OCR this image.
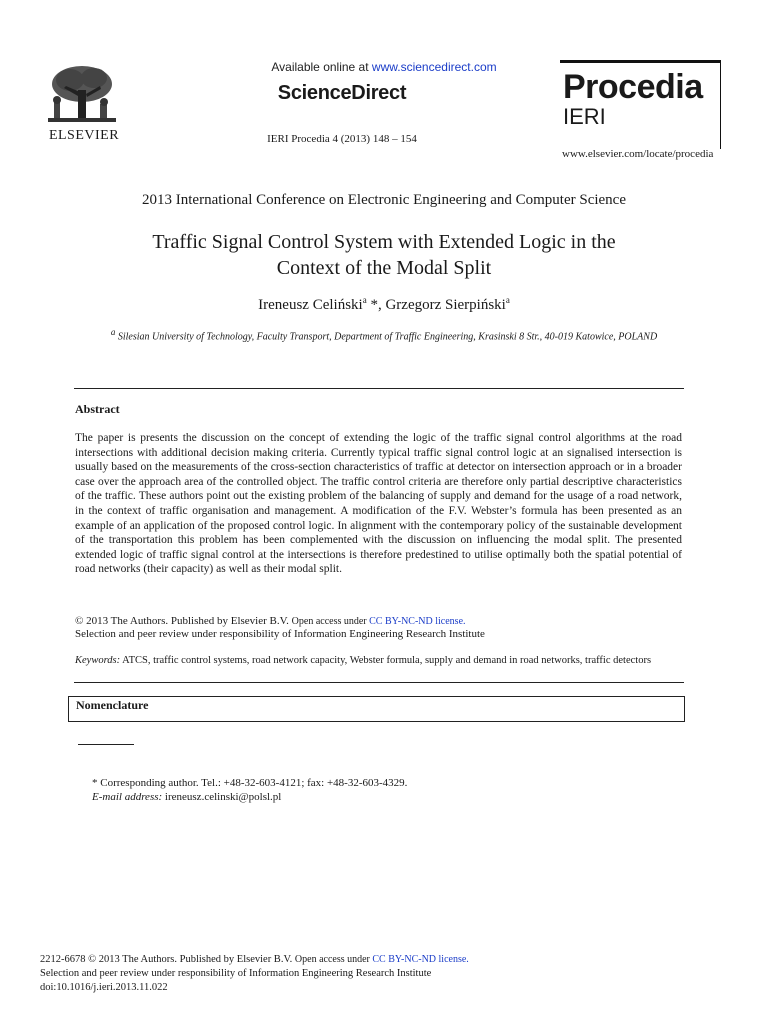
ELSEVIER
Available online at www.sciencedirect.com
ScienceDirect
IERI Procedia 4 (2013) 148 – 154
Procedia
IERI
www.elsevier.com/locate/procedia
2013 International Conference on Electronic Engineering and Computer Science
Traffic Signal Control System with Extended Logic in the
Context of the Modal Split
Ireneusz Celiński$^a$ *, Grzegorz Sierpiński$^a$
$^a$ Silesian University of Technology, Faculty Transport, Department of Traffic Engineering, Krasinski 8 Str., 40-019 Katowice, POLAND
Abstract
The paper is presents the discussion on the concept of extending the logic of the traffic signal control algorithms at the road intersections with additional decision making criteria. Currently typical traffic signal control logic at an signalised intersection is usually based on the measurements of the cross-section characteristics of traffic at detector on intersection approach or in a broader case over the approach area of the controlled object. The traffic control criteria are therefore only partial descriptive characteristics of the traffic. These authors point out the existing problem of the balancing of supply and demand for the usage of a road network, in the context of traffic organisation and management. A modification of the F.V. Webster’s formula has been presented as an example of an application of the proposed control logic. In alignment with the contemporary policy of the sustainable development of the transportation this problem has been complemented with the discussion on influencing the modal split. The presented extended logic of traffic signal control at the intersections is therefore predestined to utilise optimally both the spatial potential of road networks (their capacity) as well as their modal split.
© 2013 The Authors. Published by Elsevier B.V. Open access under CC BY-NC-ND license.
Selection and peer review under responsibility of Information Engineering Research Institute
Keywords: ATCS, traffic control systems, road network capacity, Webster formula, supply and demand in road networks, traffic detectors
Nomenclature
* Corresponding author. Tel.: +48-32-603-4121; fax: +48-32-603-4329.
E-mail address: ireneusz.celinski@polsl.pl
2212-6678 © 2013 The Authors. Published by Elsevier B.V. Open access under CC BY-NC-ND license.
Selection and peer review under responsibility of Information Engineering Research Institute
doi:10.1016/j.ieri.2013.11.022
